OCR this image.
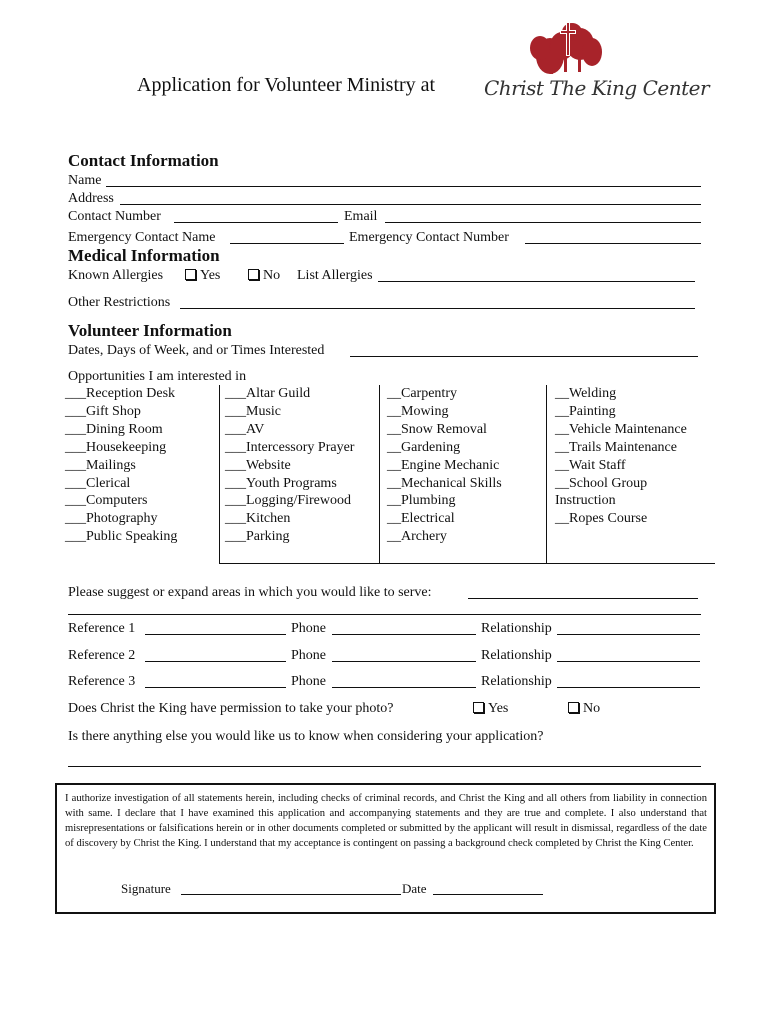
Application for Volunteer Ministry at Christ The King Center
Contact Information
Name
Address
Contact Number	Email
Emergency Contact Name	Emergency Contact Number
Medical Information
Known Allergies	Yes	No List Allergies
Other Restrictions
Volunteer Information
Dates, Days of Week, and or Times Interested
Opportunities I am interested in
___Reception Desk
___Gift Shop
___Dining Room
___Housekeeping
___Mailings
___Clerical
___Computers
___Photography
___Public Speaking
___Altar Guild
___Music
___AV
___Intercessory Prayer
___Website
___Youth Programs
___Logging/Firewood
___Kitchen
___Parking
__Carpentry
__Mowing
__Snow Removal
__Gardening
__Engine Mechanic
__Mechanical Skills
__Plumbing
__Electrical
__Archery
__Welding
__Painting
__Vehicle Maintenance
__Trails Maintenance
__Wait Staff
__School Group
Instruction
__Ropes Course
Please suggest or expand areas in which you would like to serve:
Reference 1	Phone	Relationship
Reference 2	Phone	Relationship
Reference 3	Phone	Relationship
Does Christ the King have permission to take your photo?	Yes	No
Is there anything else you would like us to know when considering your application?

I authorize investigation of all statements herein, including checks of criminal records, and Christ the King and all others from liability in connection with same. I declare that I have examined this application and accompanying statements and they are true and complete. I also understand that misrepresentations or falsifications herein or in other documents completed or submitted by the applicant will result in dismissal, regardless of the date of discovery by Christ the King. I understand that my acceptance is contingent on passing a background check completed by Christ the King Center.

Signature	Date
